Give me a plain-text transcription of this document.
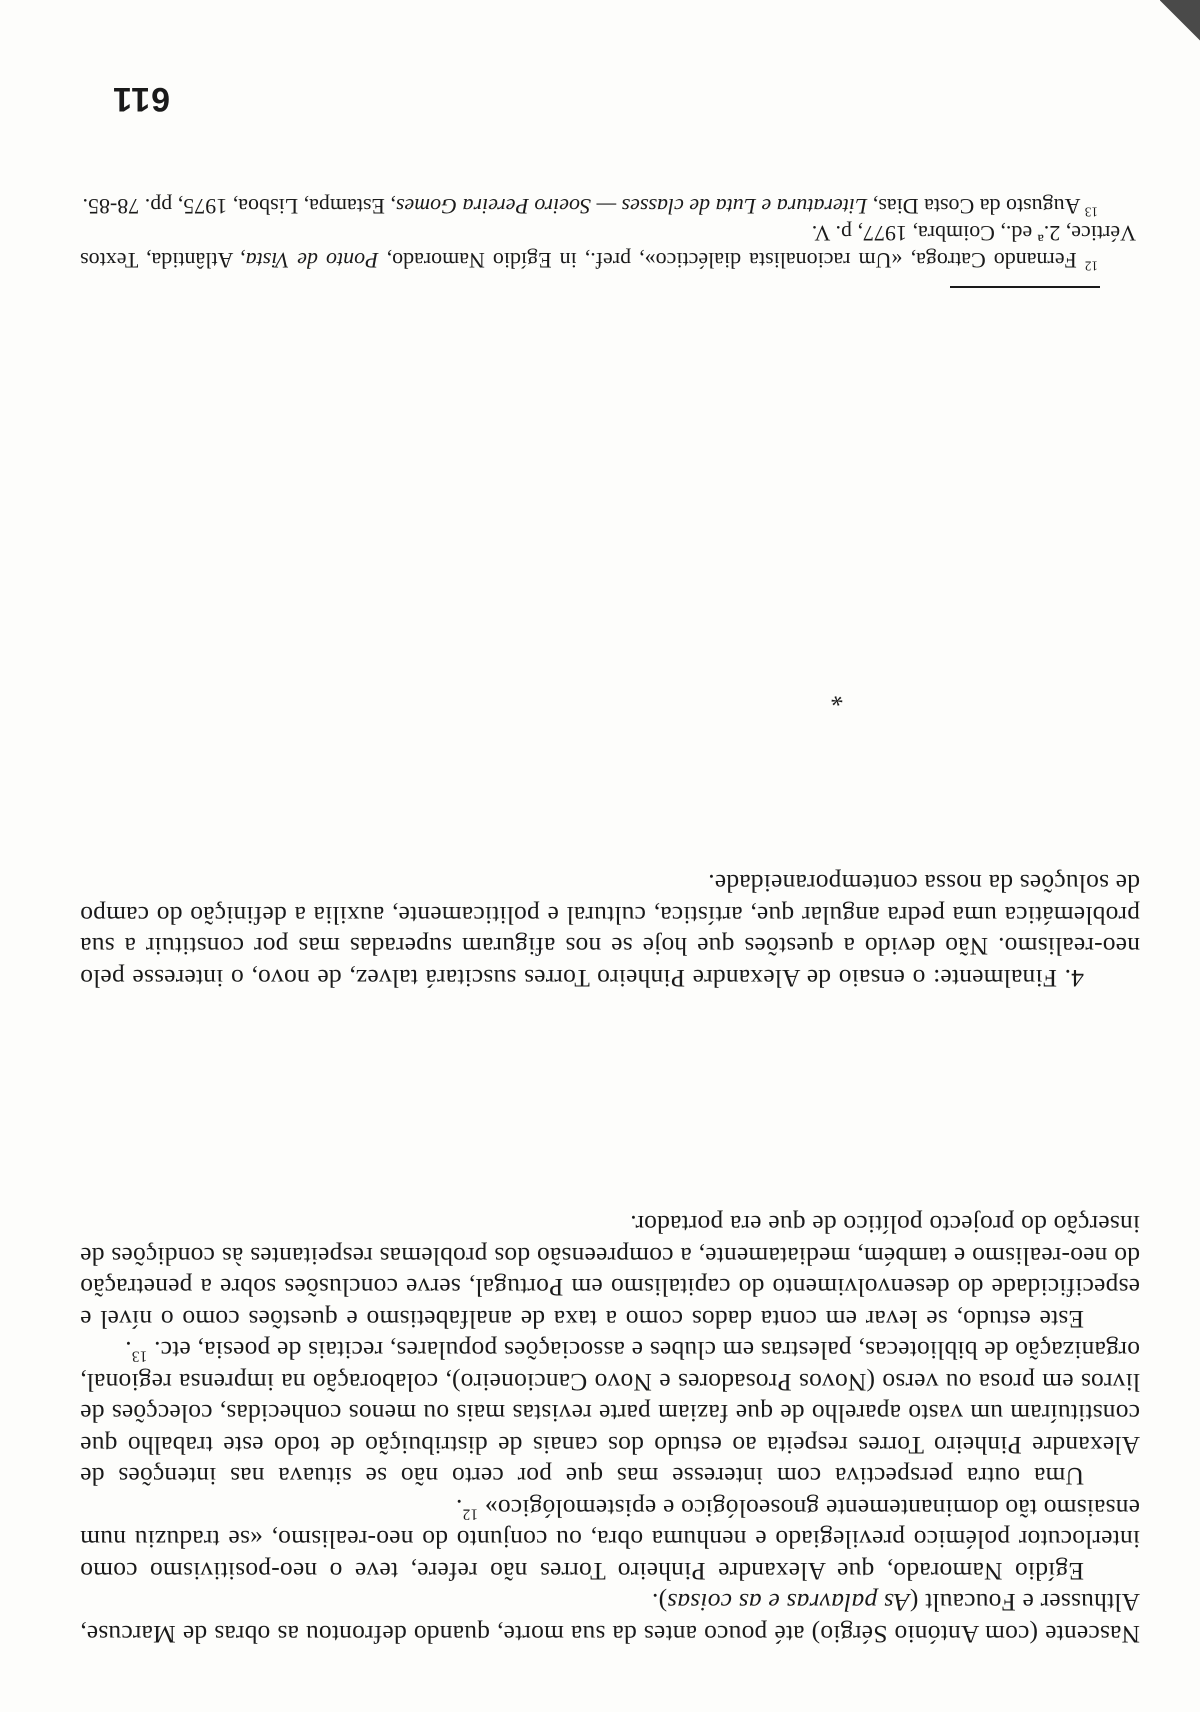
Nascente (com António Sérgio) até pouco antes da sua morte, quando defrontou as obras de Marcuse, Althusser e Foucault (As palavras e as coisas).

Egídio Namorado, que Alexandre Pinheiro Torres não refere, teve o neo-positivismo como interlocutor polémico previlegiado e nenhuma obra, ou conjunto do neo-realismo, «se traduziu num ensaismo tão dominantemente gnoseológico e epistemológico» $^{12}$.

Uma outra perspectiva com interesse mas que por certo não se situava nas intenções de Alexandre Pinheiro Torres respeita ao estudo dos canais de distribuição de todo este trabalho que constituíram um vasto aparelho de que faziam parte revistas mais ou menos conhecidas, colecções de livros em prosa ou verso (Novos Prosadores e Novo Cancioneiro), colaboração na imprensa regional, organização de bibliotecas, palestras em clubes e associações populares, recitais de poesia, etc. $^{13}$.

Este estudo, se levar em conta dados como a taxa de analfabetismo e questões como o nível e especificidade do desenvolvimento do capitalismo em Portugal, serve conclusões sobre a penetração do neo-realismo e também, mediatamente, a compreensão dos problemas respeitantes às condições de inserção do projecto político de que era portador.

4. Finalmente: o ensaio de Alexandre Pinheiro Torres suscitará talvez, de novo, o interesse pelo neo-realismo. Não devido a questões que hoje se nos afiguram superadas mas por constituir a sua problemática uma pedra angular que, artística, cultural e politicamente, auxilia a definição do campo de soluções da nossa contemporaneidade.

*

$^{12}$ Fernando Catroga, «Um racionalista dialéctico», pref., in Egídio Namorado, Ponto de Vista, Atlântida, Textos Vértice, 2.ª ed., Coimbra, 1977, p. V.

$^{13}$ Augusto da Costa Dias, Literatura e Luta de classes — Soeiro Pereira Gomes, Estampa, Lisboa, 1975, pp. 78-85.

611
